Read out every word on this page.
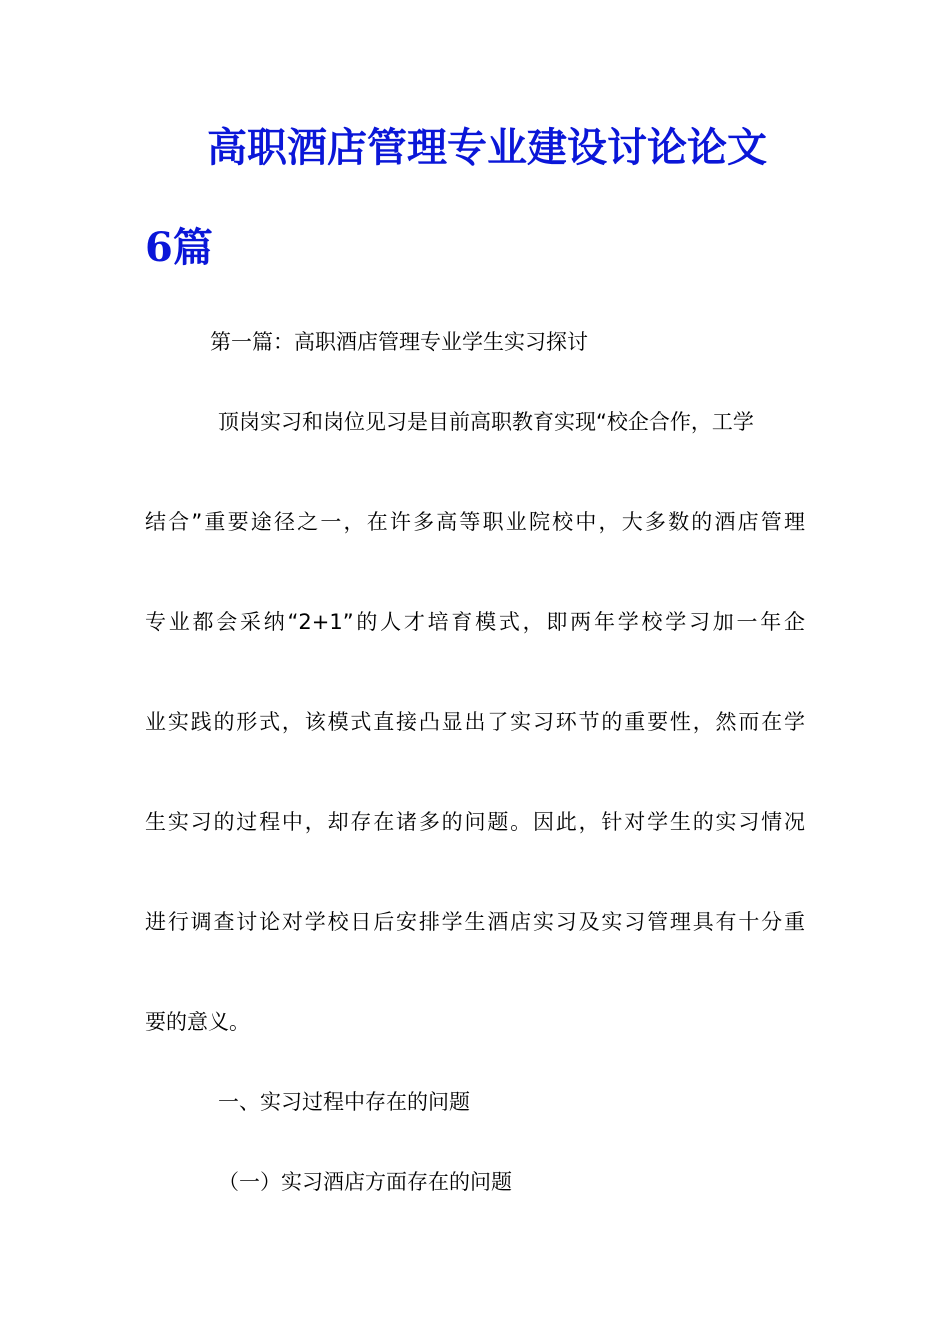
高职酒店管理专业建设讨论论文
6篇
第一篇：高职酒店管理专业学生实习探讨
顶岗实习和岗位见习是目前高职教育实现“校企合作，工学
结合”重要途径之一，在许多高等职业院校中，大多数的酒店管理
专业都会采纳“2+1”的人才培育模式，即两年学校学习加一年企
业实践的形式，该模式直接凸显出了实习环节的重要性，然而在学
生实习的过程中，却存在诸多的问题。因此，针对学生的实习情况
进行调查讨论对学校日后安排学生酒店实习及实习管理具有十分重
要的意义。
一、实习过程中存在的问题
（一）实习酒店方面存在的问题
